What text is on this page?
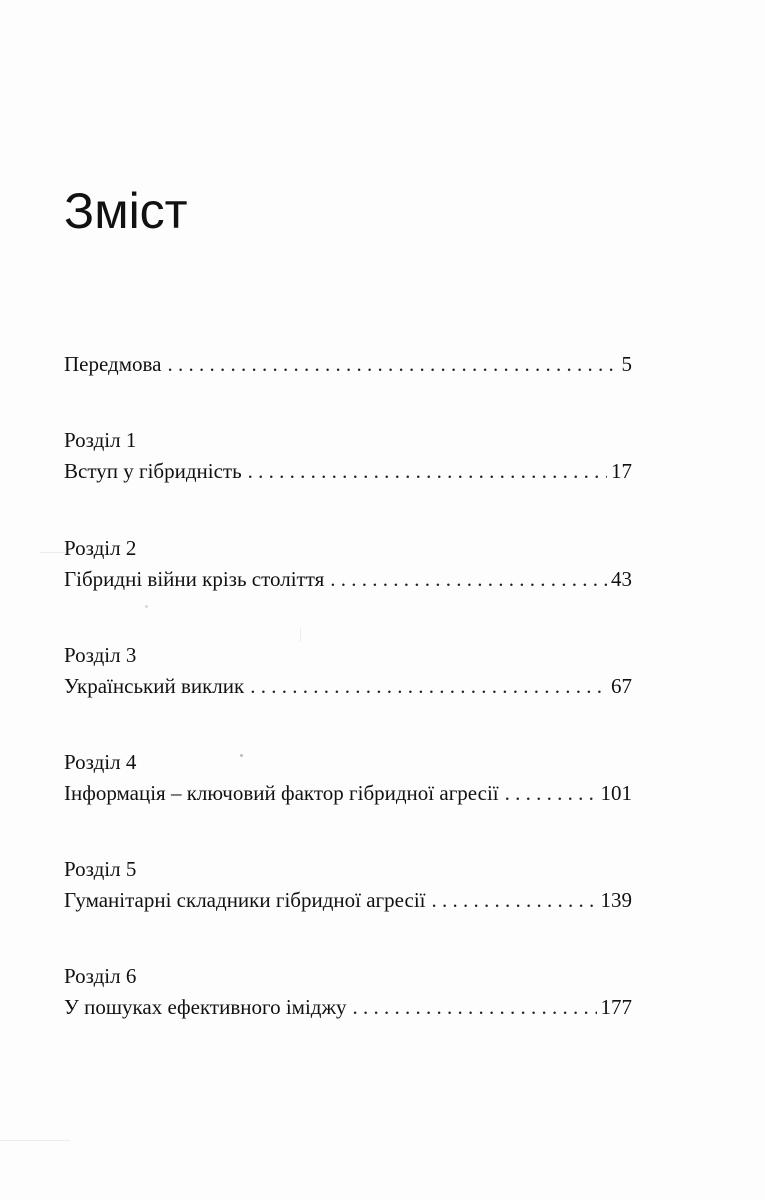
Зміст
Передмова . . .	5
Розділ 1
Вступ у гібридність . . .	17
Розділ 2
Гібридні війни крізь століття . . .	43
Розділ 3
Український виклик . . .	67
Розділ 4
Інформація – ключовий фактор гібридної агресії . . .	101
Розділ 5
Гуманітарні складники гібридної агресії . . .	139
Розділ 6
У пошуках ефективного іміджу . . .	177
